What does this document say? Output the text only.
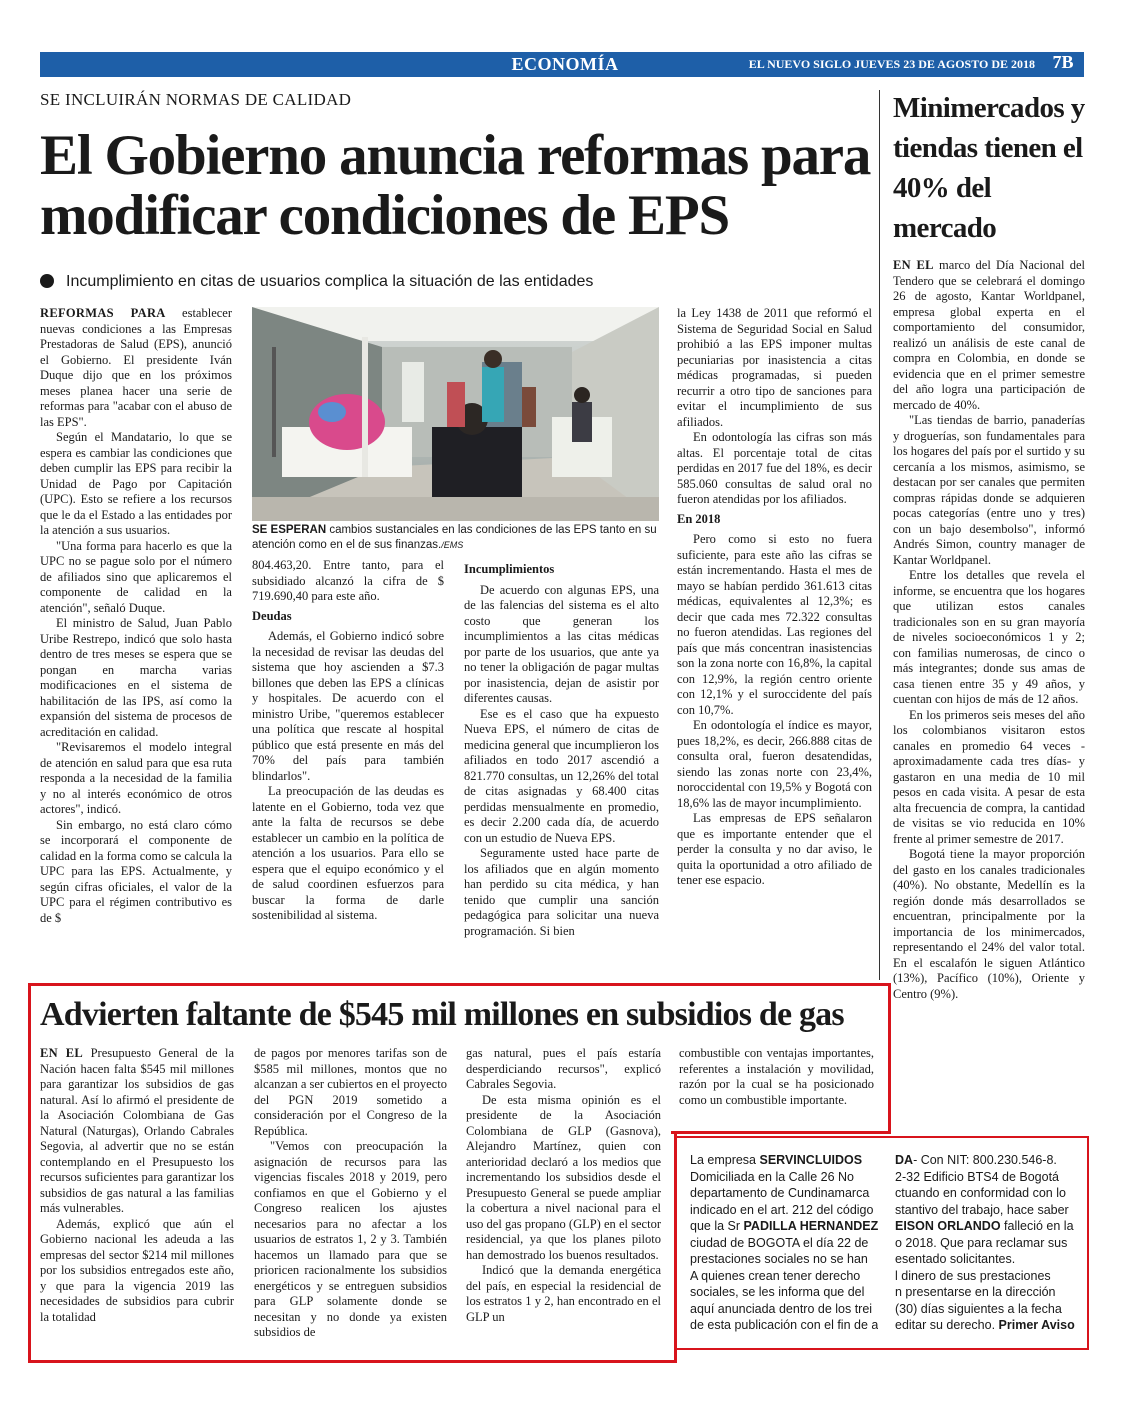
ECONOMÍA	EL NUEVO SIGLO JUEVES 23 DE AGOSTO DE 2018 7B
SE INCLUIRÁN NORMAS DE CALIDAD
El Gobierno anuncia reformas para modificar condiciones de EPS
Incumplimiento en citas de usuarios complica la situación de las entidades

REFORMAS PARA establecer nuevas condiciones a las Empresas Prestadoras de Salud (EPS), anunció el Gobierno. El presidente Iván Duque dijo que en los próximos meses planea hacer una serie de reformas para "acabar con el abuso de las EPS".

Según el Mandatario, lo que se espera es cambiar las condiciones que deben cumplir las EPS para recibir la Unidad de Pago por Capitación (UPC). Esto se refiere a los recursos que le da el Estado a las entidades por la atención a sus usuarios.

"Una forma para hacerlo es que la UPC no se pague solo por el número de afiliados sino que aplicaremos el componente de calidad en la atención", señaló Duque.

El ministro de Salud, Juan Pablo Uribe Restrepo, indicó que solo hasta dentro de tres meses se espera que se pongan en marcha varias modificaciones en el sistema de habilitación de las IPS, así como la expansión del sistema de procesos de acreditación en calidad.

"Revisaremos el modelo integral de atención en salud para que esa ruta responda a la necesidad de la familia y no al interés económico de otros actores", indicó.

Sin embargo, no está claro cómo se incorporará el componente de calidad en la forma como se calcula la UPC para las EPS. Actualmente, y según cifras oficiales, el valor de la UPC para el régimen contributivo es de $

SE ESPERAN cambios sustanciales en las condiciones de las EPS tanto en su atención como en el de sus finanzas./EMS

804.463,20. Entre tanto, para el subsidiado alcanzó la cifra de $ 719.690,40 para este año.

Deudas

Además, el Gobierno indicó sobre la necesidad de revisar las deudas del sistema que hoy ascienden a $7.3 billones que deben las EPS a clínicas y hospitales. De acuerdo con el ministro Uribe, "queremos establecer una política que rescate al hospital público que está presente en más del 70% del país para también blindarlos".

La preocupación de las deudas es latente en el Gobierno, toda vez que ante la falta de recursos se debe establecer un cambio en la política de atención a los usuarios. Para ello se espera que el equipo económico y el de salud coordinen esfuerzos para buscar la forma de darle sostenibilidad al sistema.

Incumplimientos

De acuerdo con algunas EPS, una de las falencias del sistema es el alto costo que generan los incumplimientos a las citas médicas por parte de los usuarios, que ante ya no tener la obligación de pagar multas por inasistencia, dejan de asistir por diferentes causas.

Ese es el caso que ha expuesto Nueva EPS, el número de citas de medicina general que incumplieron los afiliados en todo 2017 ascendió a 821.770 consultas, un 12,26% del total de citas asignadas y 68.400 citas perdidas mensualmente en promedio, es decir 2.200 cada día, de acuerdo con un estudio de Nueva EPS.

Seguramente usted hace parte de los afiliados que en algún momento han perdido su cita médica, y han tenido que cumplir una sanción pedagógica para solicitar una nueva programación. Si bien

la Ley 1438 de 2011 que reformó el Sistema de Seguridad Social en Salud prohibió a las EPS imponer multas pecuniarias por inasistencia a citas médicas programadas, si pueden recurrir a otro tipo de sanciones para evitar el incumplimiento de sus afiliados.

En odontología las cifras son más altas. El porcentaje total de citas perdidas en 2017 fue del 18%, es decir 585.060 consultas de salud oral no fueron atendidas por los afiliados.

En 2018

Pero como si esto no fuera suficiente, para este año las cifras se están incrementando. Hasta el mes de mayo se habían perdido 361.613 citas médicas, equivalentes al 12,3%; es decir que cada mes 72.322 consultas no fueron atendidas. Las regiones del país que más concentran inasistencias son la zona norte con 16,8%, la capital con 12,9%, la región centro oriente con 12,1% y el suroccidente del país con 10,7%.

En odontología el índice es mayor, pues 18,2%, es decir, 266.888 citas de consulta oral, fueron desatendidas, siendo las zonas norte con 23,4%, noroccidental con 19,5% y Bogotá con 18,6% las de mayor incumplimiento.

Las empresas de EPS señalaron que es importante entender que el perder la consulta y no dar aviso, le quita la oportunidad a otro afiliado de tener ese espacio.

Minimercados y tiendas tienen el 40% del mercado

EN EL marco del Día Nacional del Tendero que se celebrará el domingo 26 de agosto, Kantar Worldpanel, empresa global experta en el comportamiento del consumidor, realizó un análisis de este canal de compra en Colombia, en donde se evidencia que en el primer semestre del año logra una participación de mercado de 40%.

"Las tiendas de barrio, panaderías y droguerías, son fundamentales para los hogares del país por el surtido y su cercanía a los mismos, asimismo, se destacan por ser canales que permiten compras rápidas donde se adquieren pocas categorías (entre uno y tres) con un bajo desembolso", informó Andrés Simon, country manager de Kantar Worldpanel.

Entre los detalles que revela el informe, se encuentra que los hogares que utilizan estos canales tradicionales son en su gran mayoría de niveles socioeconómicos 1 y 2; con familias numerosas, de cinco o más integrantes; donde sus amas de casa tienen entre 35 y 49 años, y cuentan con hijos de más de 12 años.

En los primeros seis meses del año los colombianos visitaron estos canales en promedio 64 veces -aproximadamente cada tres días- y gastaron en una media de 10 mil pesos en cada visita. A pesar de esta alta frecuencia de compra, la cantidad de visitas se vio reducida en 10% frente al primer semestre de 2017.

Bogotá tiene la mayor proporción del gasto en los canales tradicionales (40%). No obstante, Medellín es la región donde más desarrollados se encuentran, principalmente por la importancia de los minimercados, representando el 24% del valor total. En el escalafón le siguen Atlántico (13%), Pacífico (10%), Oriente y Centro (9%).

Advierten faltante de $545 mil millones en subsidios de gas

EN EL Presupuesto General de la Nación hacen falta $545 mil millones para garantizar los subsidios de gas natural. Así lo afirmó el presidente de la Asociación Colombiana de Gas Natural (Naturgas), Orlando Cabrales Segovia, al advertir que no se están contemplando en el Presupuesto los recursos suficientes para garantizar los subsidios de gas natural a las familias más vulnerables.

Además, explicó que aún el Gobierno nacional les adeuda a las empresas del sector $214 mil millones por los subsidios entregados este año, y que para la vigencia 2019 las necesidades de subsidios para cubrir la totalidad

de pagos por menores tarifas son de $585 mil millones, montos que no alcanzan a ser cubiertos en el proyecto del PGN 2019 sometido a consideración por el Congreso de la República.

"Vemos con preocupación la asignación de recursos para las vigencias fiscales 2018 y 2019, pero confiamos en que el Gobierno y el Congreso realicen los ajustes necesarios para no afectar a los usuarios de estratos 1, 2 y 3. También hacemos un llamado para que se prioricen racionalmente los subsidios energéticos y se entreguen subsidios para GLP solamente donde se necesitan y no donde ya existen subsidios de

gas natural, pues el país estaría desperdiciando recursos", explicó Cabrales Segovia.

De esta misma opinión es el presidente de la Asociación Colombiana de GLP (Gasnova), Alejandro Martínez, quien con anterioridad declaró a los medios que incrementando los subsidios desde el Presupuesto General se puede ampliar la cobertura a nivel nacional para el uso del gas propano (GLP) en el sector residencial, ya que los planes piloto han demostrado los buenos resultados.

Indicó que la demanda energética del país, en especial la residencial de los estratos 1 y 2, han encontrado en el GLP un

combustible con ventajas importantes, referentes a instalación y movilidad, razón por la cual se ha posicionado como un combustible importante.

La empresa SERVINCLUIDOS

Domiciliada en la Calle 26 No

departamento de Cundinamarca

indicado en el art. 212 del código

que la Sr PADILLA HERNANDEZ

ciudad de BOGOTA el día 22 de

prestaciones sociales no se han

A quienes crean tener derecho

sociales, se les informa que del

aquí anunciada dentro de los trei

de esta publicación con el fin de a

DA- Con NIT: 800.230.546-8.

2-32 Edificio BTS4 de Bogotá

ctuando en conformidad con lo

stantivo del trabajo, hace saber

EISON ORLANDO falleció en la

o 2018. Que para reclamar sus

esentado solicitantes.

l dinero de sus prestaciones

n presentarse en la dirección

(30) días siguientes a la fecha

editar su derecho. Primer Aviso
